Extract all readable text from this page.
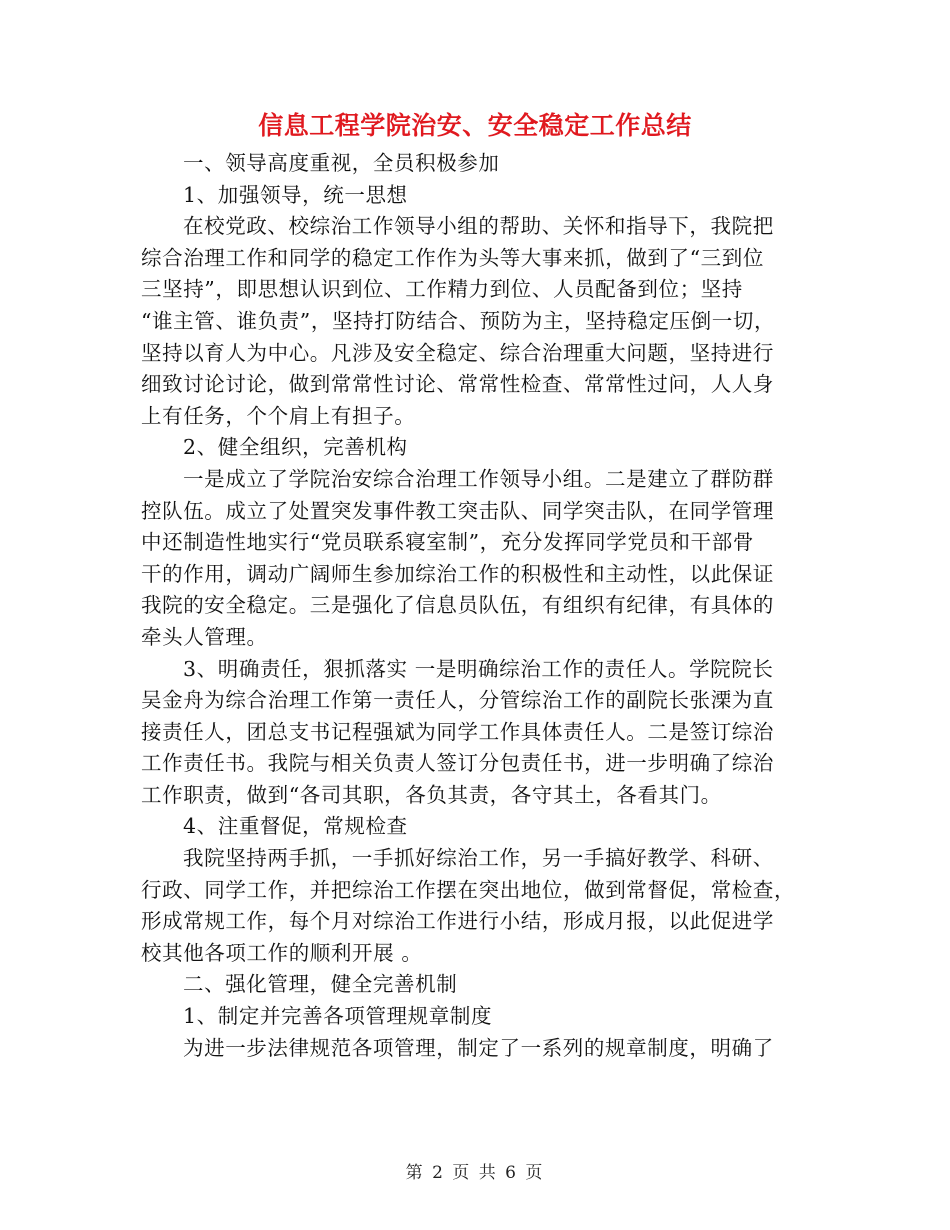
信息工程学院治安、安全稳定工作总结
一、领导高度重视，全员积极参加
1、加强领导，统一思想
在校党政、校综治工作领导小组的帮助、关怀和指导下，我院把
综合治理工作和同学的稳定工作作为头等大事来抓，做到了“三到位
三坚持”，即思想认识到位、工作精力到位、人员配备到位；坚持
“谁主管、谁负责”，坚持打防结合、预防为主，坚持稳定压倒一切，
坚持以育人为中心。凡涉及安全稳定、综合治理重大问题，坚持进行
细致讨论讨论，做到常常性讨论、常常性检查、常常性过问，人人身
上有任务，个个肩上有担子。
2、健全组织，完善机构
一是成立了学院治安综合治理工作领导小组。二是建立了群防群
控队伍。成立了处置突发事件教工突击队、同学突击队，在同学管理
中还制造性地实行“党员联系寝室制”，充分发挥同学党员和干部骨
干的作用，调动广阔师生参加综治工作的积极性和主动性，以此保证
我院的安全稳定。三是强化了信息员队伍，有组织有纪律，有具体的
牵头人管理。
3、明确责任，狠抓落实 一是明确综治工作的责任人。学院院长
吴金舟为综合治理工作第一责任人，分管综治工作的副院长张溧为直
接责任人，团总支书记程强斌为同学工作具体责任人。二是签订综治
工作责任书。我院与相关负责人签订分包责任书，进一步明确了综治
工作职责，做到“各司其职，各负其责，各守其土，各看其门。
4、注重督促，常规检查
我院坚持两手抓，一手抓好综治工作，另一手搞好教学、科研、
行政、同学工作，并把综治工作摆在突出地位，做到常督促，常检查，
形成常规工作，每个月对综治工作进行小结，形成月报，以此促进学
校其他各项工作的顺利开展 。
二、强化管理，健全完善机制
1、制定并完善各项管理规章制度
为进一步法律规范各项管理，制定了一系列的规章制度，明确了
第 2 页 共 6 页
